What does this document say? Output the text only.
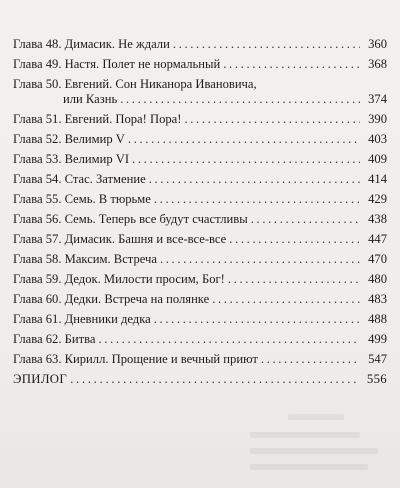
Глава 48. Димасик. Не ждали . . .	360
Глава 49. Настя. Полет не нормальный . . .	368
Глава 50. Евгений. Сон Никанора Ивановича,
или Казнь . . .	374
Глава 51. Евгений. Пора! Пора! . . .	390
Глава 52. Велимир V . . .	403
Глава 53. Велимир VI . . .	409
Глава 54. Стас. Затмение . . .	414
Глава 55. Семь. В тюрьме . . .	429
Глава 56. Семь. Теперь все будут счастливы . . .	438
Глава 57. Димасик. Башня и все-все-все . . .	447
Глава 58. Максим. Встреча . . .	470
Глава 59. Дедок. Милости просим, Бог! . . .	480
Глава 60. Дедки. Встреча на полянке . . .	483
Глава 61. Дневники дедка . . .	488
Глава 62. Битва . . .	499
Глава 63. Кирилл. Прощение и вечный приют . . .	547
ЭПИЛОГ . . .	556
